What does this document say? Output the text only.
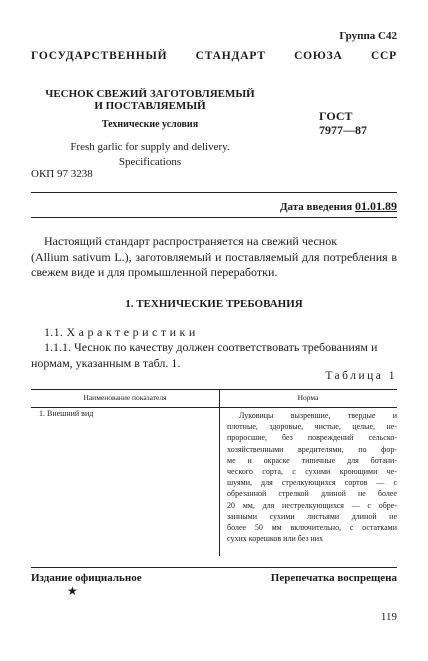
Группа С42
ГОСУДАРСТВЕННЫЙ СТАНДАРТ СОЮЗА ССР
ЧЕСНОК СВЕЖИЙ ЗАГОТОВЛЯЕМЫЙ
И ПОСТАВЛЯЕМЫЙ
Технические условия
Fresh garlic for supply and delivery.
Specifications
ГОСТ
7977—87
ОКП 97 3238
Дата введения 01.01.89
Настоящий стандарт распространяется на свежий чеснок
(Allium sativum L.), заготовляемый и поставляемый для потребления в свежем виде и для промышленной переработки.
1. ТЕХНИЧЕСКИЕ ТРЕБОВАНИЯ
1.1. Характеристики
1.1.1. Чеснок по качеству должен соответствовать требованиям и
нормам, указанным в табл. 1.
Таблица 1
Наименование показателя	Норма
1. Внешний вид	Луковицы вызревшие, твердые и
плотные, здоровые, чистые, целые, не-
проросшие, без повреждений сельско-
хозяйственными вредителями, по фор-
ме и окраске типичные для ботани-
ческого сорта, с сухими кроющими че-
шуями, для стрелкующихся сортов — с
обрезанной стрелкой длиной не более
20 мм, для нестрелкующихся — с обре-
занными сухими листьями длиной не
более 50 мм включительно, с остатками
сухих корешков или без них
Издание официальное	Перепечатка воспрещена
★
119
